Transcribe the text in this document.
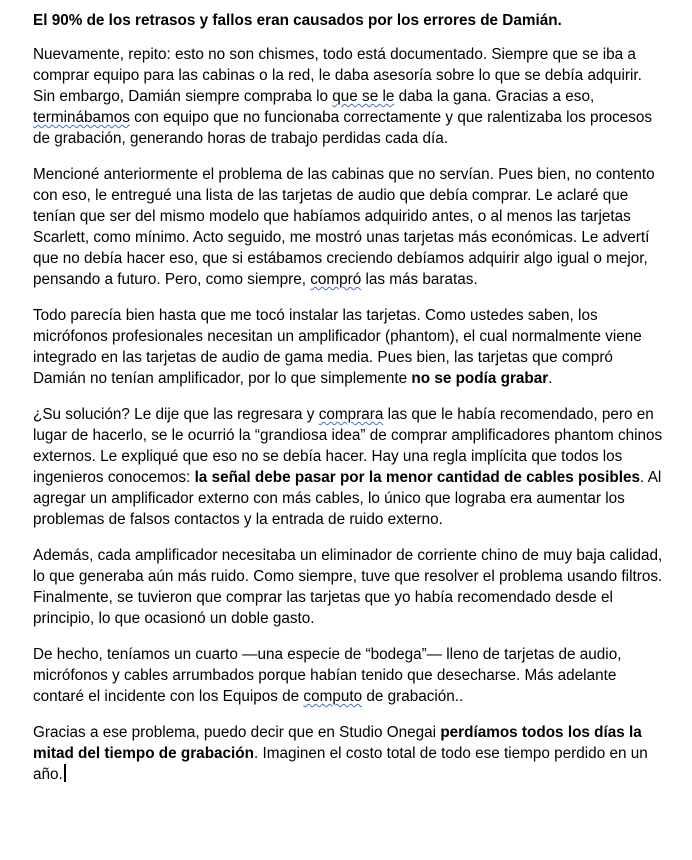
El 90% de los retrasos y fallos eran causados por los errores de Damián.

Nuevamente, repito: esto no son chismes, todo está documentado. Siempre que se iba a comprar equipo para las cabinas o la red, le daba asesoría sobre lo que se debía adquirir. Sin embargo, Damián siempre compraba lo que se le daba la gana. Gracias a eso, terminábamos con equipo que no funcionaba correctamente y que ralentizaba los procesos de grabación, generando horas de trabajo perdidas cada día.

Mencioné anteriormente el problema de las cabinas que no servían. Pues bien, no contento con eso, le entregué una lista de las tarjetas de audio que debía comprar. Le aclaré que tenían que ser del mismo modelo que habíamos adquirido antes, o al menos las tarjetas Scarlett, como mínimo. Acto seguido, me mostró unas tarjetas más económicas. Le advertí que no debía hacer eso, que si estábamos creciendo debíamos adquirir algo igual o mejor, pensando a futuro. Pero, como siempre, compró las más baratas.

Todo parecía bien hasta que me tocó instalar las tarjetas. Como ustedes saben, los micrófonos profesionales necesitan un amplificador (phantom), el cual normalmente viene integrado en las tarjetas de audio de gama media. Pues bien, las tarjetas que compró Damián no tenían amplificador, por lo que simplemente no se podía grabar.

¿Su solución? Le dije que las regresara y comprara las que le había recomendado, pero en lugar de hacerlo, se le ocurrió la “grandiosa idea” de comprar amplificadores phantom chinos externos. Le expliqué que eso no se debía hacer. Hay una regla implícita que todos los ingenieros conocemos: la señal debe pasar por la menor cantidad de cables posibles. Al agregar un amplificador externo con más cables, lo único que lograba era aumentar los problemas de falsos contactos y la entrada de ruido externo.

Además, cada amplificador necesitaba un eliminador de corriente chino de muy baja calidad, lo que generaba aún más ruido. Como siempre, tuve que resolver el problema usando filtros. Finalmente, se tuvieron que comprar las tarjetas que yo había recomendado desde el principio, lo que ocasionó un doble gasto.

De hecho, teníamos un cuarto —una especie de “bodega”— lleno de tarjetas de audio, micrófonos y cables arrumbados porque habían tenido que desecharse. Más adelante contaré el incidente con los Equipos de computo de grabación..

Gracias a ese problema, puedo decir que en Studio Onegai perdíamos todos los días la mitad del tiempo de grabación. Imaginen el costo total de todo ese tiempo perdido en un año.
